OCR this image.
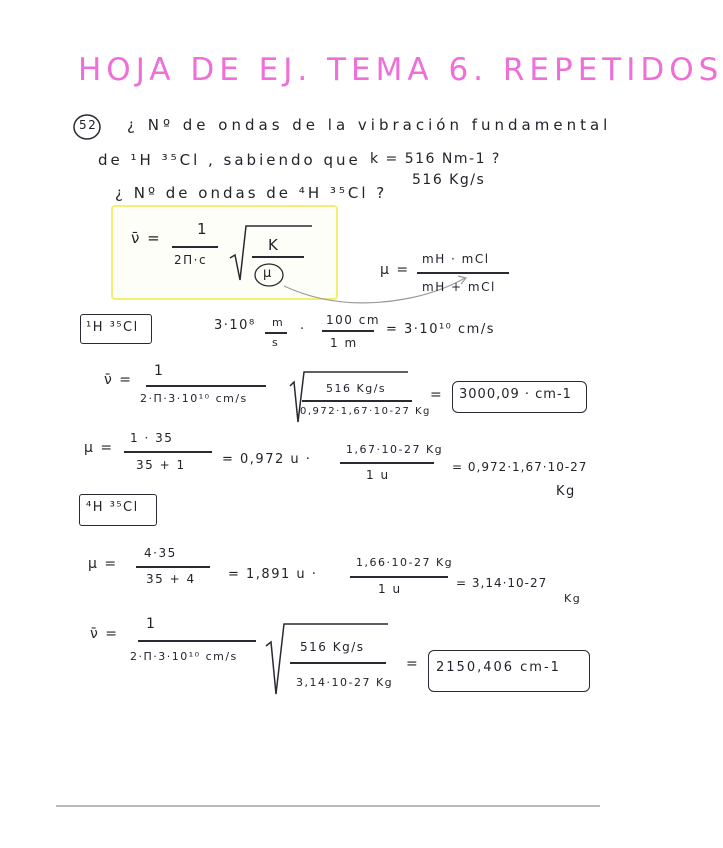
HOJA DE EJ. TEMA 6. REPETIDOS
52 ¿ Nº de ondas de la vibración fundamental
de ¹H ³⁵Cl , sabiendo que k = 516 Nm-1 ?
516 Kg/s
¿ Nº de ondas de ⁴H ³⁵Cl ?
ν̄ = 1
2Π·c
K
μ	μ =
mH · mCl
mH + mCl
¹H ³⁵Cl	3·10⁸ m
s
·
100 cm
1 m
= 3·10¹⁰ cm/s
ν̄ =
1
2·Π·3·10¹⁰ cm/s
516 Kg/s
0,972·1,67·10-27 Kg
= 3000,09 · cm-1
μ =
1 · 35
35 + 1	= 0,972 u ·
1,67·10-27 Kg
1 u
= 0,972·1,67·10-27
Kg
⁴H ³⁵Cl
μ =
4·35
35 + 4 = 1,891 u ·
1,66·10-27 Kg
1 u	= 3,14·10-27
Kg
ν̄ =
1
2·Π·3·10¹⁰ cm/s
516 Kg/s
3,14·10-27 Kg
= 2150,406 cm-1
